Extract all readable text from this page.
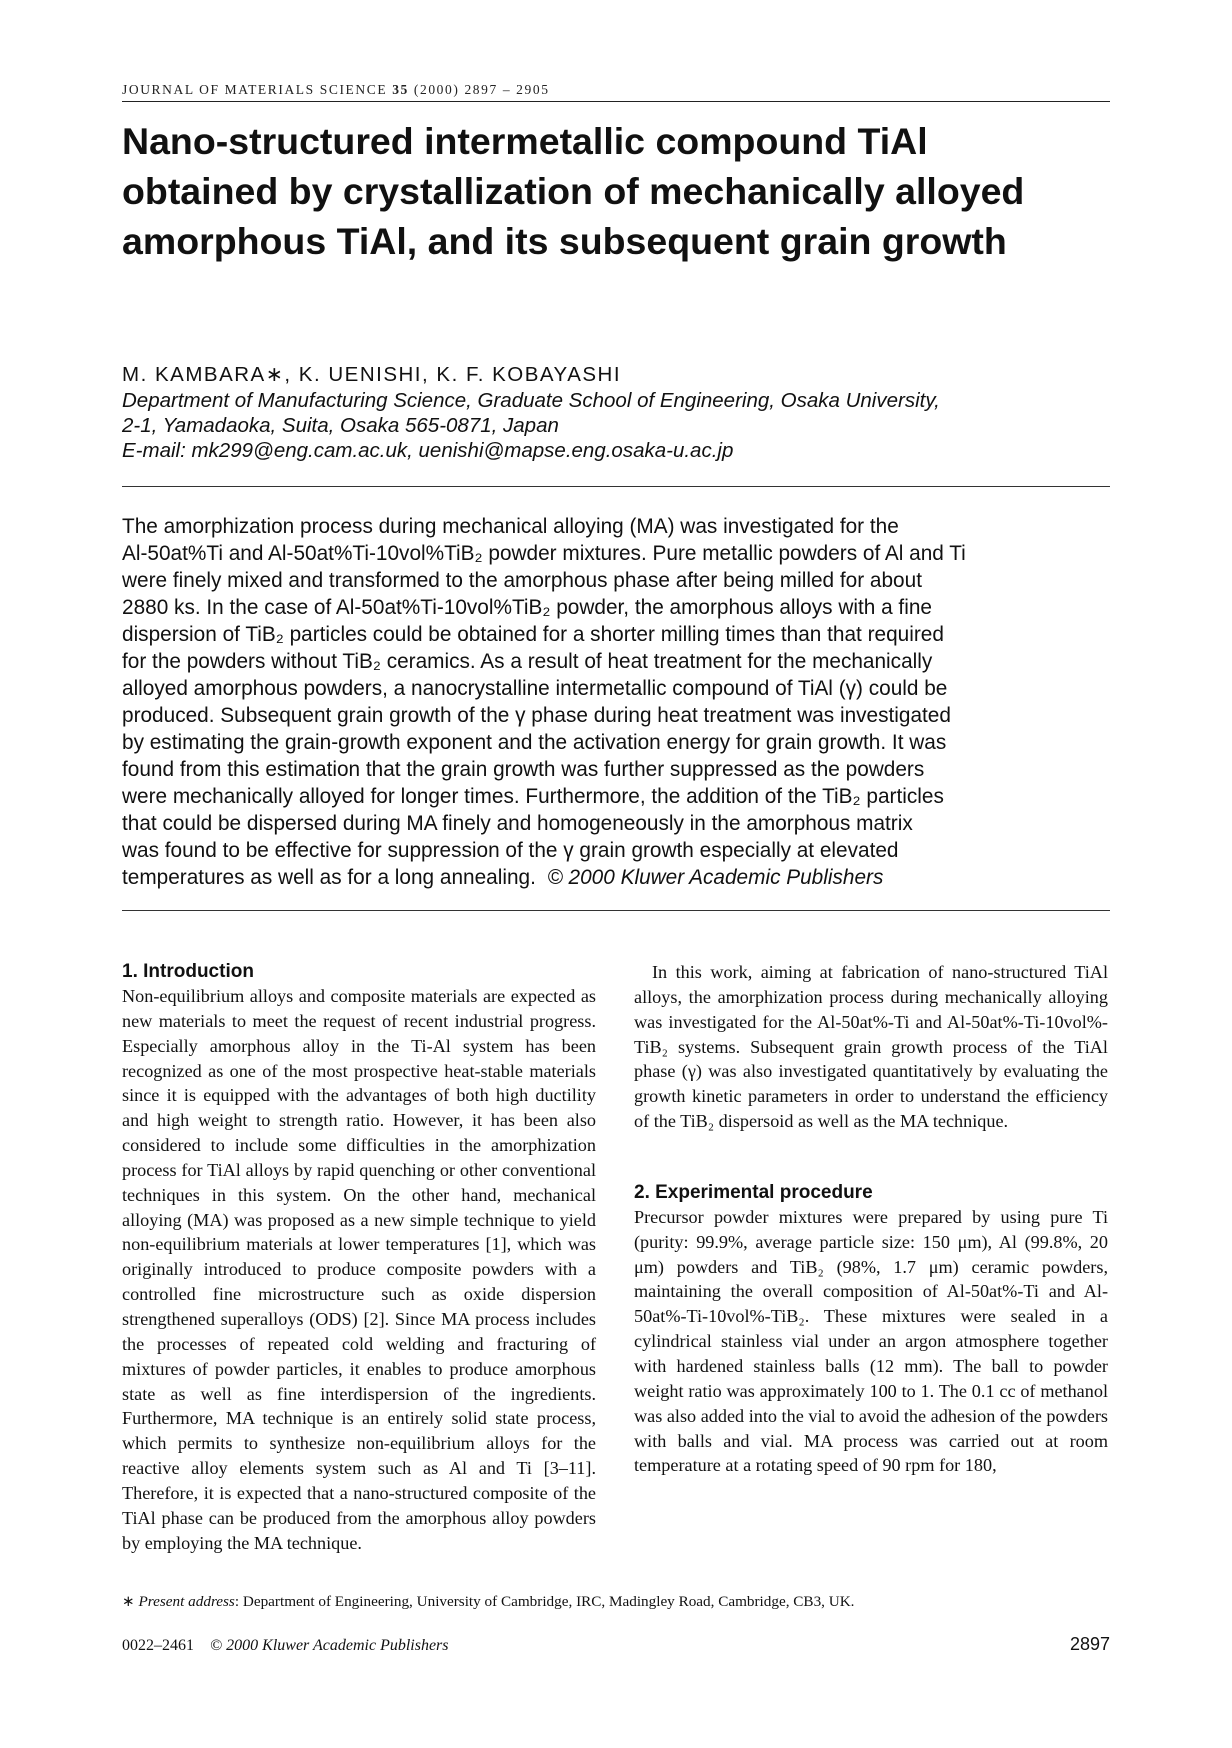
JOURNAL OF MATERIALS SCIENCE 35 (2000) 2897 – 2905
Nano-structured intermetallic compound TiAl obtained by crystallization of mechanically alloyed amorphous TiAl, and its subsequent grain growth
M. KAMBARA∗, K. UENISHI, K. F. KOBAYASHI
Department of Manufacturing Science, Graduate School of Engineering, Osaka University,
2-1, Yamadaoka, Suita, Osaka 565-0871, Japan
E-mail: mk299@eng.cam.ac.uk, uenishi@mapse.eng.osaka-u.ac.jp

The amorphization process during mechanical alloying (MA) was investigated for the
Al-50at%Ti and Al-50at%Ti-10vol%TiB₂ powder mixtures. Pure metallic powders of Al and Ti
were finely mixed and transformed to the amorphous phase after being milled for about
2880 ks. In the case of Al-50at%Ti-10vol%TiB₂ powder, the amorphous alloys with a fine
dispersion of TiB₂ particles could be obtained for a shorter milling times than that required
for the powders without TiB₂ ceramics. As a result of heat treatment for the mechanically
alloyed amorphous powders, a nanocrystalline intermetallic compound of TiAl (γ) could be
produced. Subsequent grain growth of the γ phase during heat treatment was investigated
by estimating the grain-growth exponent and the activation energy for grain growth. It was
found from this estimation that the grain growth was further suppressed as the powders
were mechanically alloyed for longer times. Furthermore, the addition of the TiB₂ particles
that could be dispersed during MA finely and homogeneously in the amorphous matrix
was found to be effective for suppression of the γ grain growth especially at elevated
temperatures as well as for a long annealing. © 2000 Kluwer Academic Publishers

1. Introduction

Non-equilibrium alloys and composite materials are expected as new materials to meet the request of recent industrial progress. Especially amorphous alloy in the Ti-Al system has been recognized as one of the most prospective heat-stable materials since it is equipped with the advantages of both high ductility and high weight to strength ratio. However, it has been also considered to include some difficulties in the amorphization process for TiAl alloys by rapid quenching or other conventional techniques in this system. On the other hand, mechanical alloying (MA) was proposed as a new simple technique to yield non-equilibrium materials at lower temperatures [1], which was originally introduced to produce composite powders with a controlled fine microstructure such as oxide dispersion strengthened superalloys (ODS) [2]. Since MA process includes the processes of repeated cold welding and fracturing of mixtures of powder particles, it enables to produce amorphous state as well as fine interdispersion of the ingredients. Furthermore, MA technique is an entirely solid state process, which permits to synthesize non-equilibrium alloys for the reactive alloy elements system such as Al and Ti [3–11]. Therefore, it is expected that a nano-structured composite of the TiAl phase can be produced from the amorphous alloy powders by employing the MA technique.

In this work, aiming at fabrication of nano-structured TiAl alloys, the amorphization process during mechanically alloying was investigated for the Al-50at%-Ti and Al-50at%-Ti-10vol%-TiB₂ systems. Subsequent grain growth process of the TiAl phase (γ) was also investigated quantitatively by evaluating the growth kinetic parameters in order to understand the efficiency of the TiB₂ dispersoid as well as the MA technique.

2. Experimental procedure

Precursor powder mixtures were prepared by using pure Ti (purity: 99.9%, average particle size: 150 μm), Al (99.8%, 20 μm) powders and TiB₂ (98%, 1.7 μm) ceramic powders, maintaining the overall composition of Al-50at%-Ti and Al-50at%-Ti-10vol%-TiB₂. These mixtures were sealed in a cylindrical stainless vial under an argon atmosphere together with hardened stainless balls (12 mm). The ball to powder weight ratio was approximately 100 to 1. The 0.1 cc of methanol was also added into the vial to avoid the adhesion of the powders with balls and vial. MA process was carried out at room temperature at a rotating speed of 90 rpm for 180,

∗ Present address: Department of Engineering, University of Cambridge, IRC, Madingley Road, Cambridge, CB3, UK.
0022–2461 © 2000 Kluwer Academic Publishers	2897
